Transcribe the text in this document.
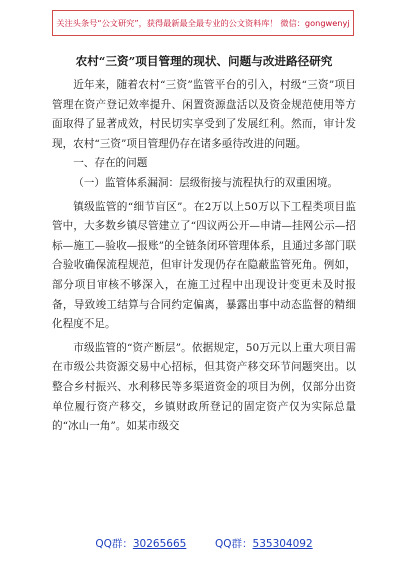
关注头条号“公文研究”，获得最新最全最专业的公文资料库！ 微信：gongwenyj
农村“三资”项目管理的现状、问题与改进路径研究

近年来，随着农村“三资”监管平台的引入，村级“三资”项目管理在资产登记效率提升、闲置资源盘活以及资金规范使用等方面取得了显著成效，村民切实享受到了发展红利。然而，审计发现，农村“三资”项目管理仍存在诸多亟待改进的问题。

一、存在的问题

（一）监管体系漏洞：层级衔接与流程执行的双重困境。

镇级监管的“细节盲区”。在2万以上50万以下工程类项目监管中，大多数乡镇尽管建立了“四议两公开—申请—挂网公示—招标—施工—验收—报账”的全链条闭环管理体系，且通过多部门联合验收确保流程规范，但审计发现仍存在隐蔽监管死角。例如，部分项目审核不够深入，在施工过程中出现设计变更未及时报备，导致竣工结算与合同约定偏离，暴露出事中动态监督的精细化程度不足。

市级监管的“资产断层”。依据规定，50万元以上重大项目需在市级公共资源交易中心招标，但其资产移交环节问题突出。以整合乡村振兴、水利移民等多渠道资金的项目为例，仅部分出资单位履行资产移交，乡镇财政所登记的固定资产仅为实际总量的“冰山一角”。如某市级交

QQ群：30265665	QQ群：535304092
